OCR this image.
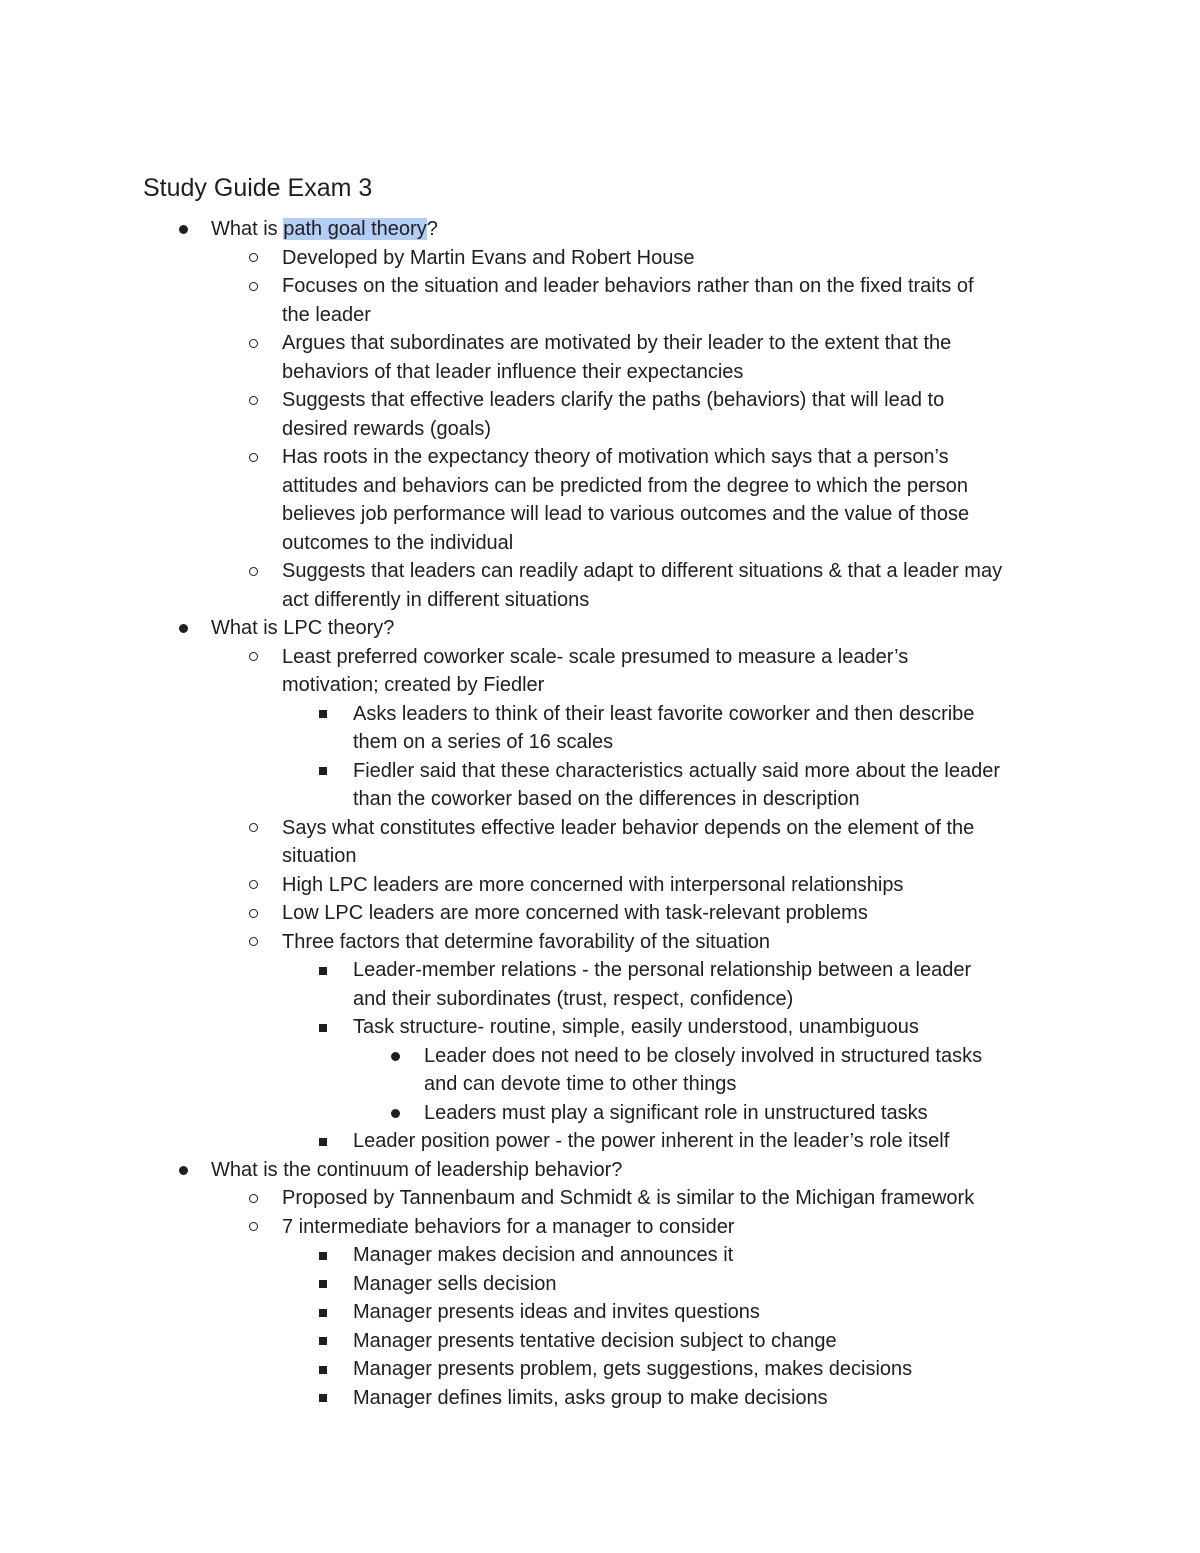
Study Guide Exam 3
What is path goal theory?
Developed by Martin Evans and Robert House
Focuses on the situation and leader behaviors rather than on the fixed traits of
the leader
Argues that subordinates are motivated by their leader to the extent that the
behaviors of that leader influence their expectancies
Suggests that effective leaders clarify the paths (behaviors) that will lead to
desired rewards (goals)
Has roots in the expectancy theory of motivation which says that a person’s
attitudes and behaviors can be predicted from the degree to which the person
believes job performance will lead to various outcomes and the value of those
outcomes to the individual
Suggests that leaders can readily adapt to different situations & that a leader may
act differently in different situations
What is LPC theory?
Least preferred coworker scale- scale presumed to measure a leader’s
motivation; created by Fiedler
Asks leaders to think of their least favorite coworker and then describe
them on a series of 16 scales
Fiedler said that these characteristics actually said more about the leader
than the coworker based on the differences in description
Says what constitutes effective leader behavior depends on the element of the
situation
High LPC leaders are more concerned with interpersonal relationships
Low LPC leaders are more concerned with task-relevant problems
Three factors that determine favorability of the situation
Leader-member relations - the personal relationship between a leader
and their subordinates (trust, respect, confidence)
Task structure- routine, simple, easily understood, unambiguous
Leader does not need to be closely involved in structured tasks
and can devote time to other things
Leaders must play a significant role in unstructured tasks
Leader position power - the power inherent in the leader’s role itself
What is the continuum of leadership behavior?
Proposed by Tannenbaum and Schmidt & is similar to the Michigan framework
7 intermediate behaviors for a manager to consider
Manager makes decision and announces it
Manager sells decision
Manager presents ideas and invites questions
Manager presents tentative decision subject to change
Manager presents problem, gets suggestions, makes decisions
Manager defines limits, asks group to make decisions
